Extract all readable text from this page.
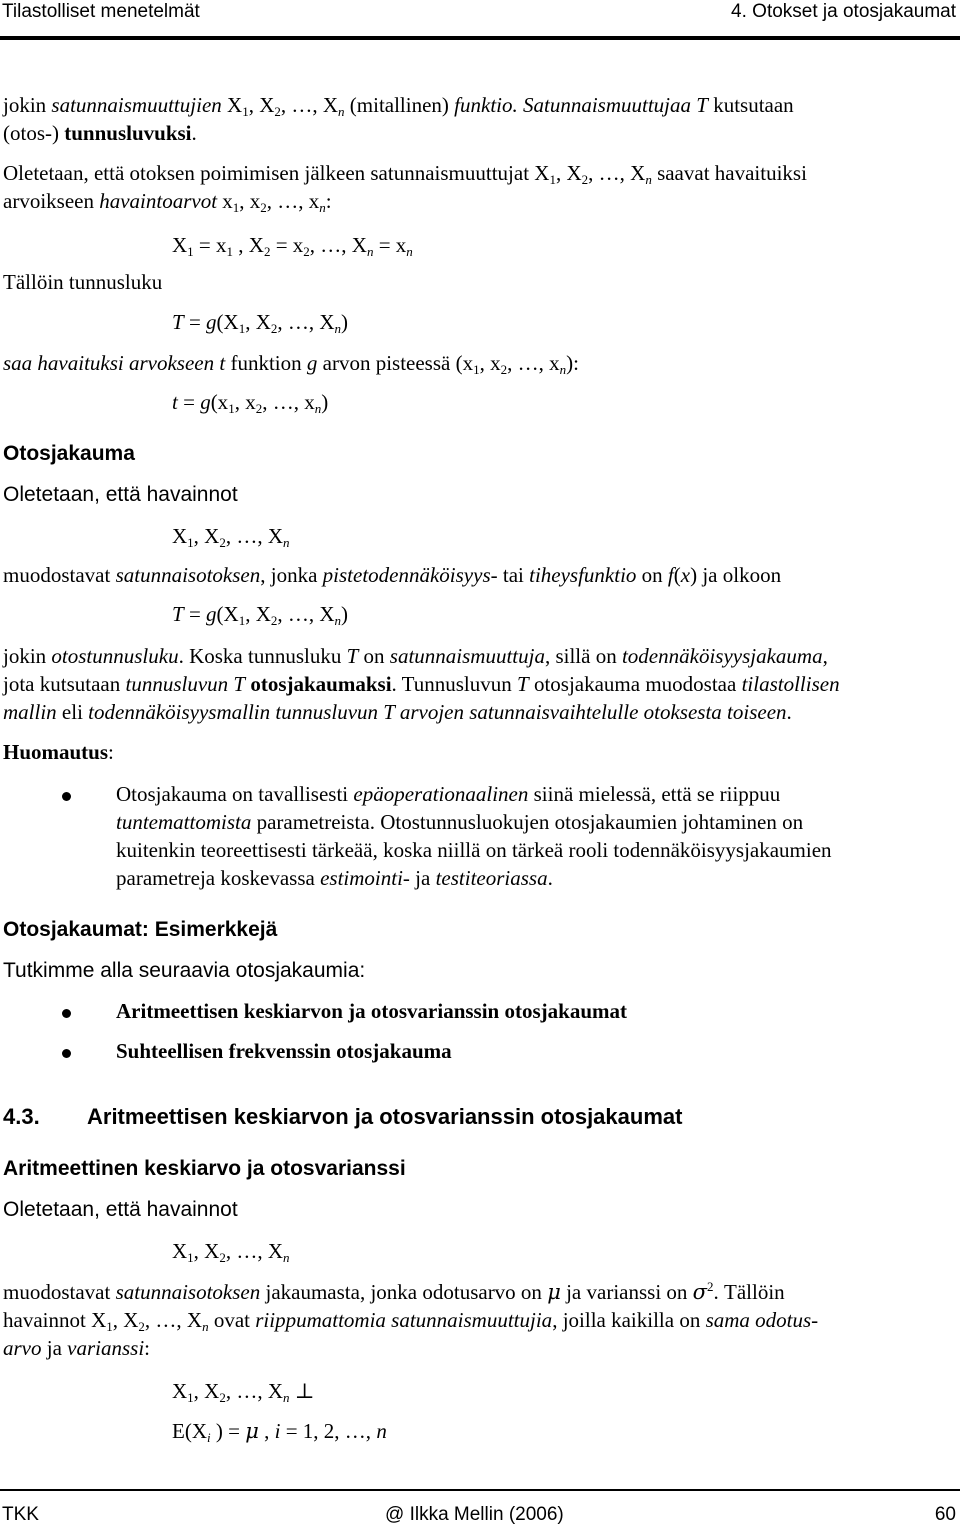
Tilastolliset menetelmät	4. Otokset ja otosjakaumat
jokin satunnaismuuttujien $X_1$, $X_2$, …, $X_n$ (mitallinen) funktio. Satunnaismuuttujaa T kutsutaan
(otos-) tunnusluvuksi.
Oletetaan, että otoksen poimimisen jälkeen satunnaismuuttujat $X_1$, $X_2$, …, $X_n$ saavat havaituiksi
arvoikseen havaintoarvot $x_1$, $x_2$, …, $x_n$:
$X_1 = x_1$ , $X_2 = x_2$, …, $X_n = x_n$
Tällöin tunnusluku
$T = g(X_1$, $X_2$, …, $X_n$)
saa havaituksi arvokseen t funktion g arvon pisteessä ($x_1$, $x_2$, …, $x_n$):
$t = g(x_1$, $x_2$, …, $x_n$)
Otosjakauma
Oletetaan, että havainnot
$X_1$, $X_2$, …, $X_n$
muodostavat satunnaisotoksen, jonka pistetodennäköisyys- tai tiheysfunktio on f(x) ja olkoon
$T = g(X_1$, $X_2$, …, $X_n$)
jokin otostunnusluku. Koska tunnusluku T on satunnaismuuttuja, sillä on todennäköisyysjakauma,
jota kutsutaan tunnusluvun T otosjakaumaksi. Tunnusluvun T otosjakauma muodostaa tilastollisen
mallin eli todennäköisyysmallin tunnusluvun T arvojen satunnaisvaihtelulle otoksesta toiseen.
Huomautus:
Otosjakauma on tavallisesti epäoperationaalinen siinä mielessä, että se riippuu
tuntemattomista parametreista. Otostunnusluokujen otosjakaumien johtaminen on
kuitenkin teoreettisesti tärkeää, koska niillä on tärkeä rooli todennäköisyysjakaumien
parametreja koskevassa estimointi- ja testiteoriassa.
Otosjakaumat: Esimerkkejä
Tutkimme alla seuraavia otosjakaumia:
Aritmeettisen keskiarvon ja otosvarianssin otosjakaumat
Suhteellisen frekvenssin otosjakauma
4.3. Aritmeettisen keskiarvon ja otosvarianssin otosjakaumat
Aritmeettinen keskiarvo ja otosvarianssi
Oletetaan, että havainnot
$X_1$, $X_2$, …, $X_n$
muodostavat satunnaisotoksen jakaumasta, jonka odotusarvo on μ ja varianssi on $\sigma^2$. Tällöin
havainnot $X_1$, $X_2$, …, $X_n$ ovat riippumattomia satunnaismuuttujia, joilla kaikilla on sama odotus-
arvo ja varianssi:
$X_1$, $X_2$, …, $X_n$ ⊥
$E(X_i$ ) = μ , i = 1, 2, …, n
TKK	@ Ilkka Mellin (2006)	60
